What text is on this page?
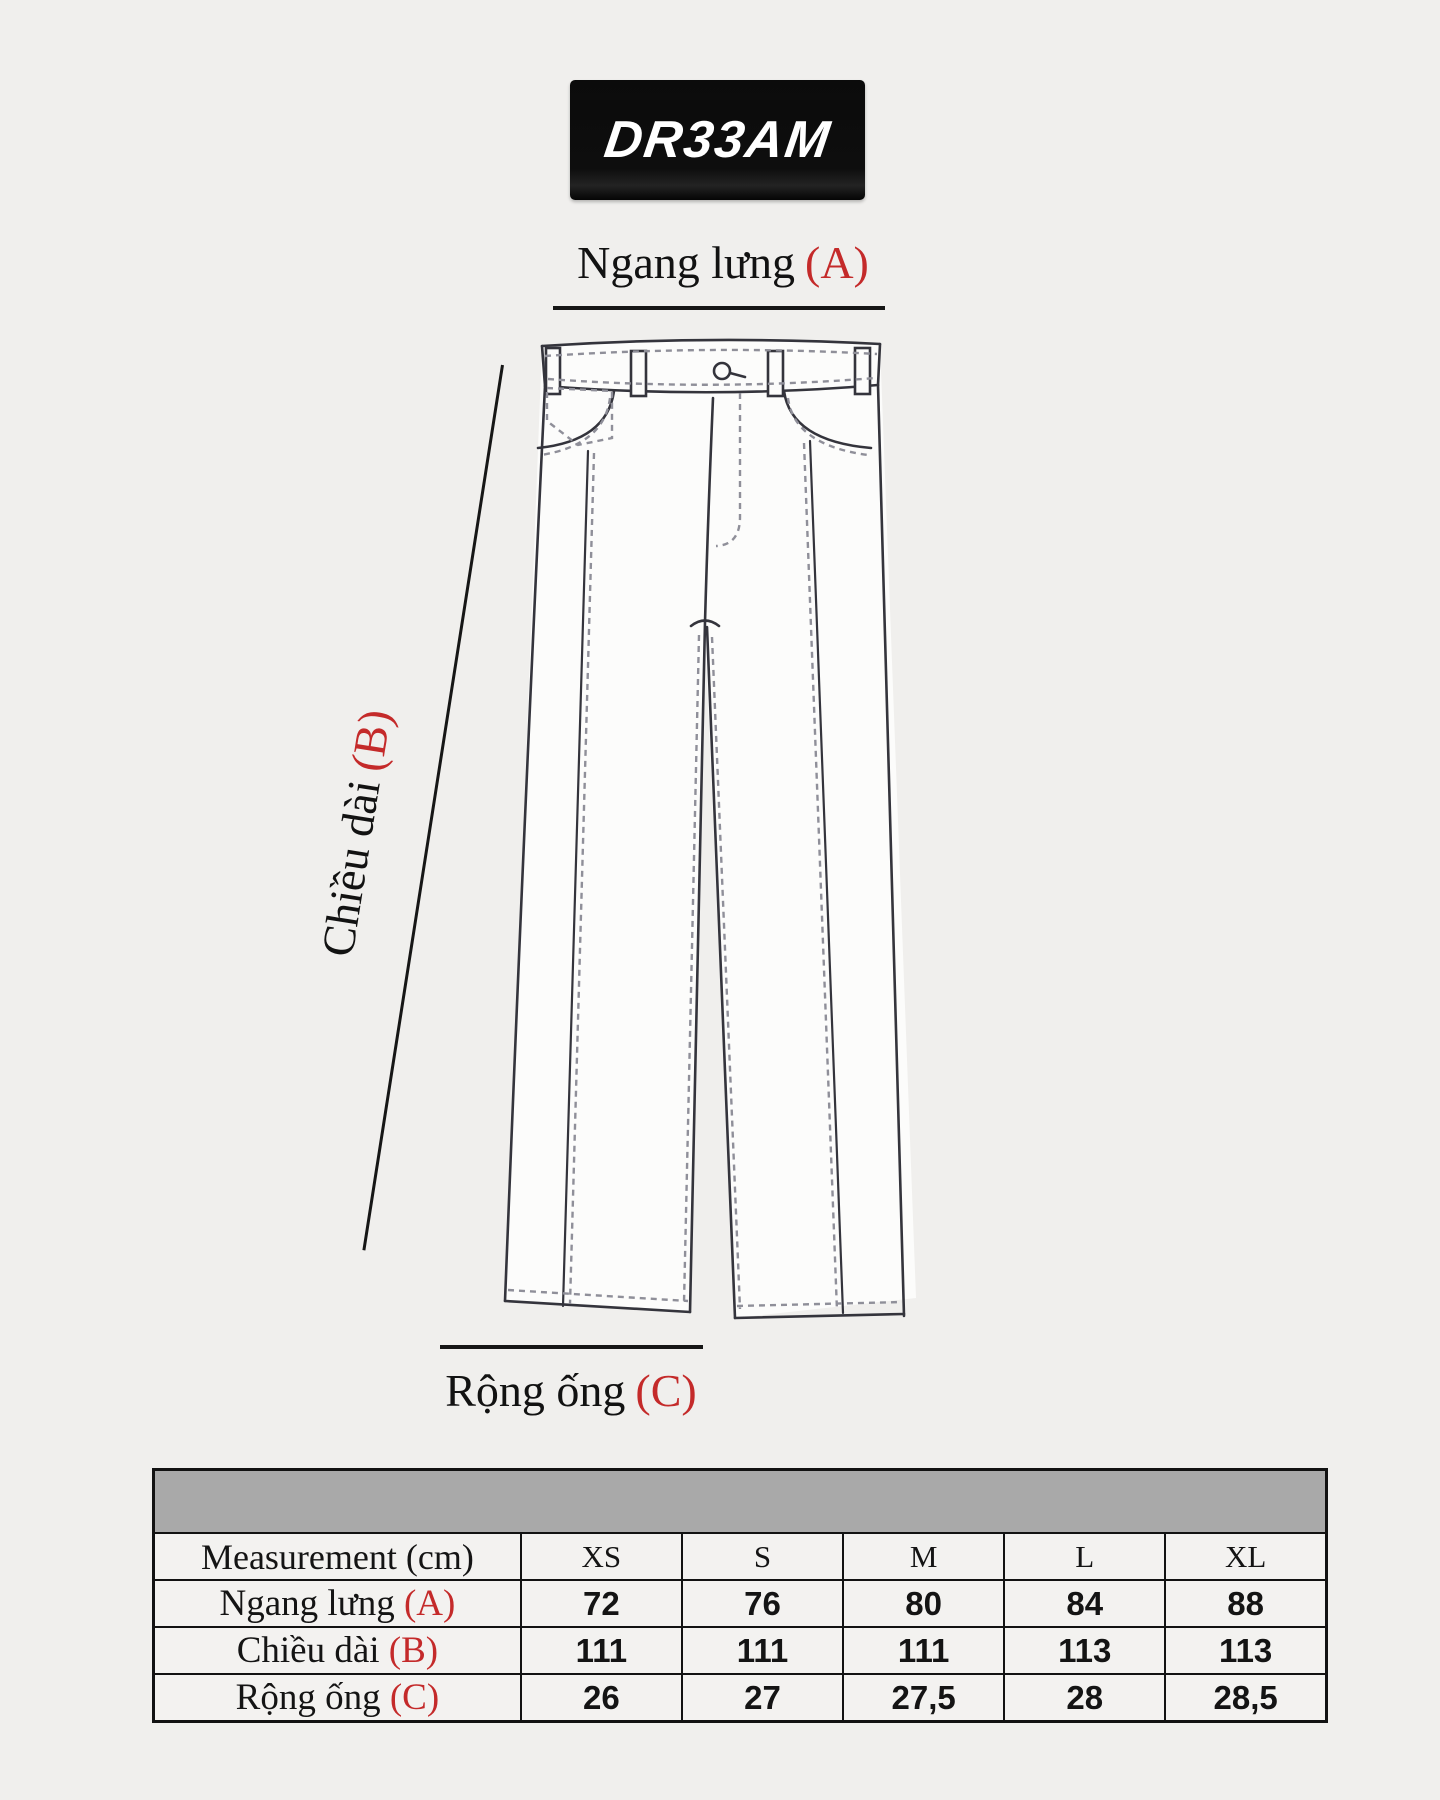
DR33AM
Ngang lưng (A)
Chiều dài(B)
Rộng ống (C)

Measurement (cm)	XS	S	M	L	XL
Ngang lưng (A)	72	76	80	84	88
Chiều dài (B)	111	111	111	113	113
Rộng ống (C)	26	27	27,5	28	28,5
